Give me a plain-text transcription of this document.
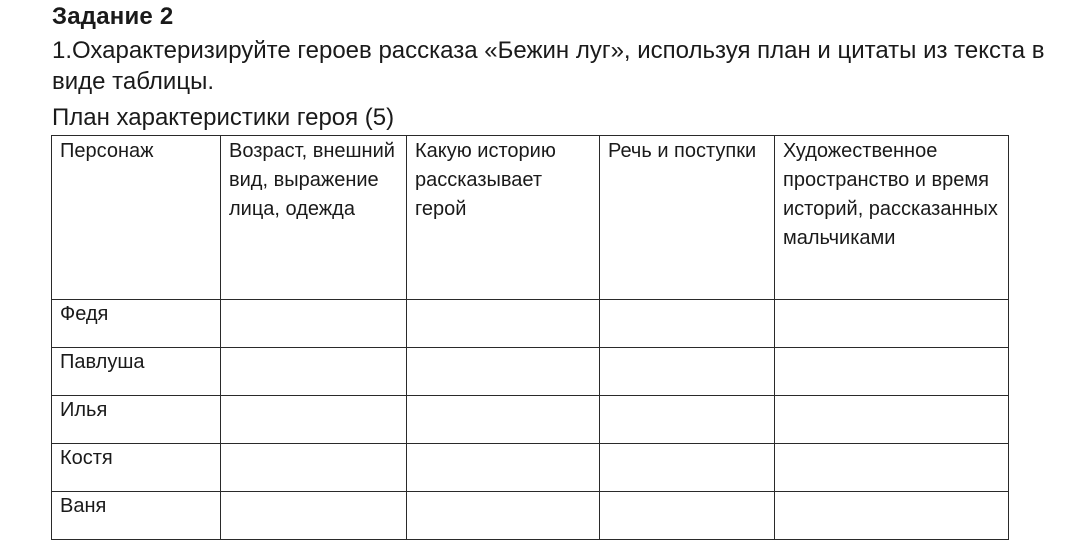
Задание 2
1.Охарактеризируйте героев рассказа «Бежин луг», используя план и цитаты из текста в виде таблицы.
План характеристики героя (5)
Персонаж	Возраст, внешний вид, выражение лица, одежда	Какую историю рассказывает герой	Речь и поступки	Художественное пространство и время историй, рассказанных мальчиками
Федя				
Павлуша				
Илья				
Костя				
Ваня				
